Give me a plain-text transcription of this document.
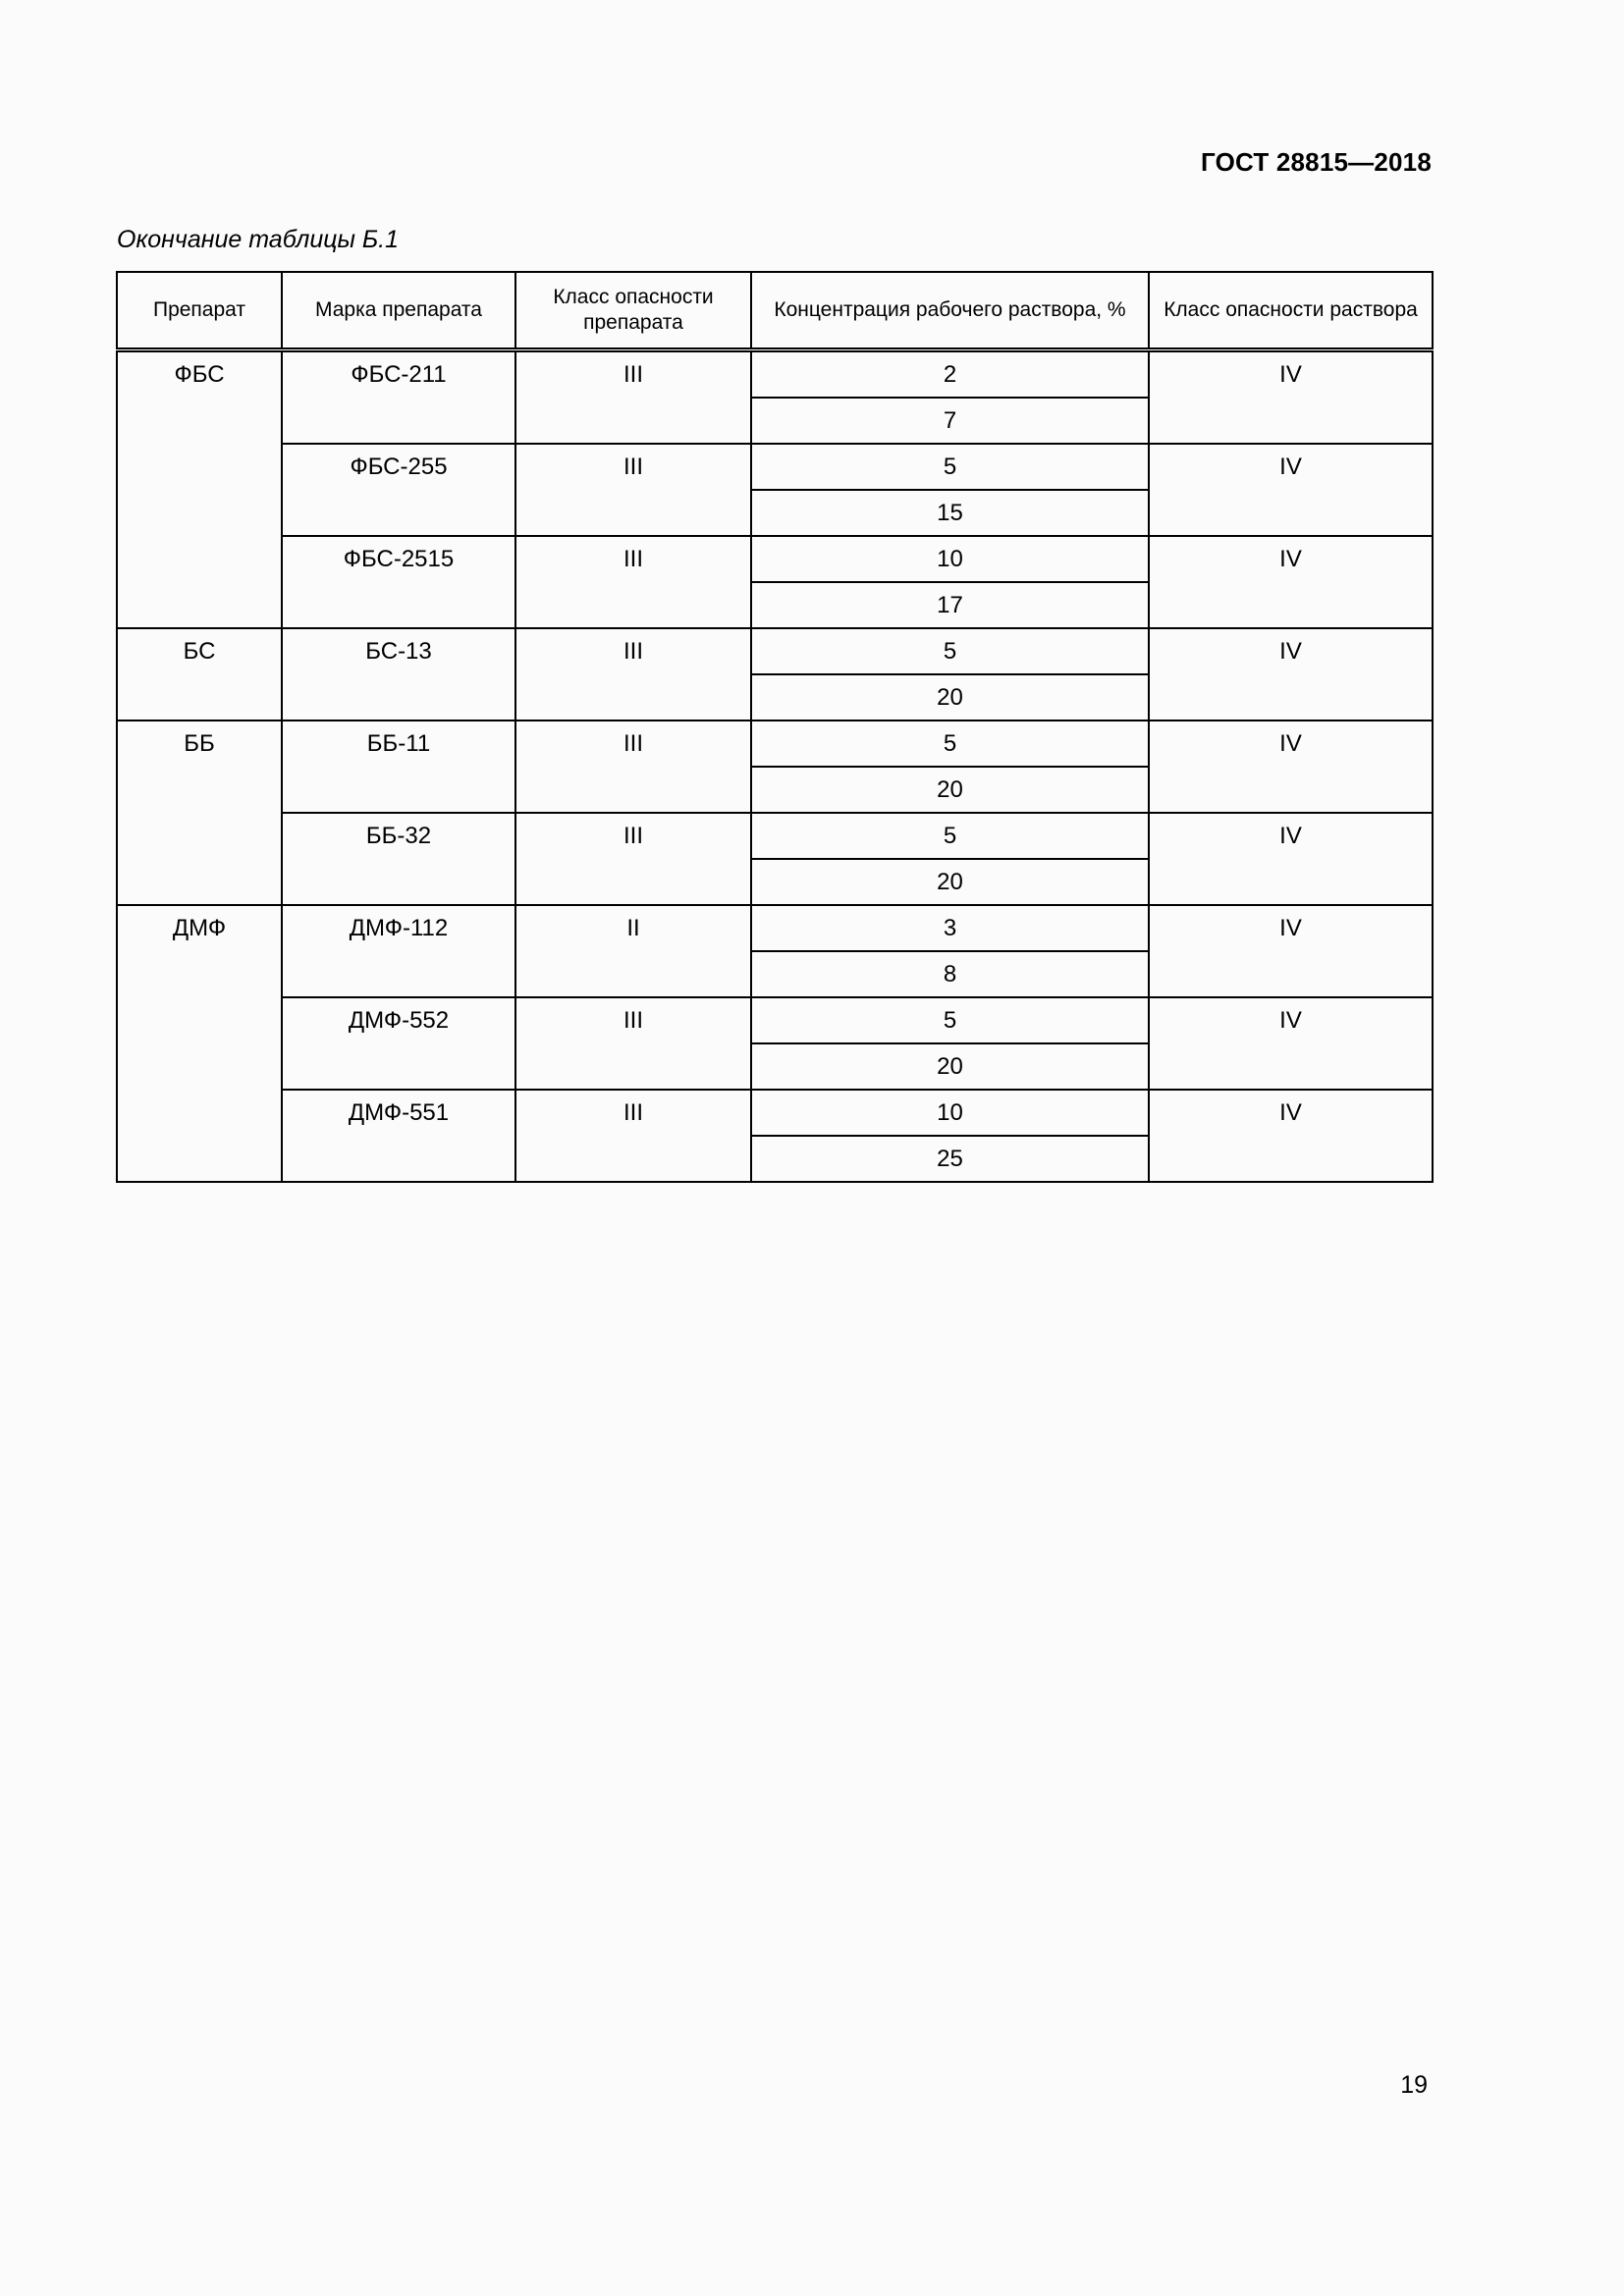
ГОСТ 28815—2018
Окончание таблицы Б.1
Препарат	Марка препарата	Класс опасности препарата	Концентрация рабочего раствора, %	Класс опасности раствора
ФБС	ФБС-211	III	2	IV
			7	
	ФБС-255	III	5	IV
			15	
	ФБС-2515	III	10	IV
			17	
БС	БС-13	III	5	IV
			20	
ББ	ББ-11	III	5	IV
			20	
	ББ-32	III	5	IV
			20	
ДМФ	ДМФ-112	II	3	IV
			8	
	ДМФ-552	III	5	IV
			20	
	ДМФ-551	III	10	IV
			25	
19
